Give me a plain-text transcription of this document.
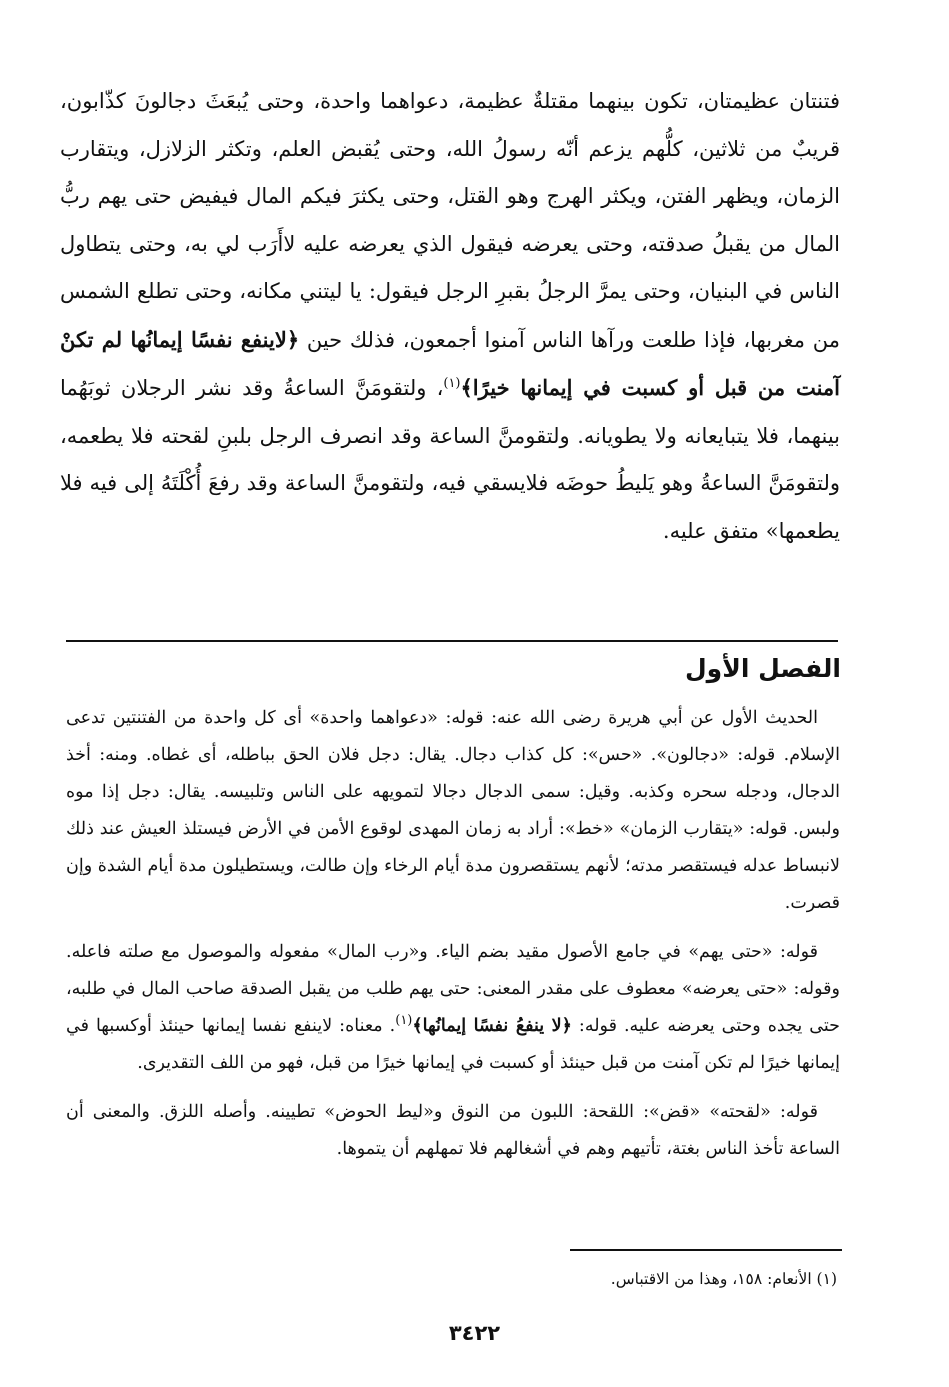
فتنتان عظيمتان، تكون بينهما مقتلةٌ عظيمة، دعواهما واحدة، وحتى يُبعَثَ دجالونَ كذّابون، قريبٌ من ثلاثين، كلُّهم يزعم أنّه رسولُ الله، وحتى يُقبض العلم، وتكثر الزلازل، ويتقارب الزمان، ويظهر الفتن، ويكثر الهرج وهو القتل، وحتى يكثرَ فيكم المال فيفيض حتى يهم ربُّ المال من يقبلُ صدقته، وحتى يعرضه فيقول الذي يعرضه عليه لاأَرَب لي به، وحتى يتطاول الناس في البنيان، وحتى يمرَّ الرجلُ بقبرِ الرجل فيقول: يا ليتني مكانه، وحتى تطلع الشمس من مغربها، فإذا طلعت ورآها الناس آمنوا أجمعون، فذلك حين ﴿لاينفع نفسًا إيمانُها لم تكنْ آمنت من قبل أو كسبت في إيمانها خيرًا﴾$^{(١)}$، ولتقومَنَّ الساعةُ وقد نشر الرجلان ثوبَهُما بينهما، فلا يتبايعانه ولا يطويانه. ولتقومنَّ الساعة وقد انصرف الرجل بلبنِ لقحته فلا يطعمه، ولتقومَنَّ الساعةُ وهو يَليطُ حوضَه فلايسقي فيه، ولتقومنَّ الساعة وقد رفعَ أُكْلَتَهُ إلى فيه فلا يطعمها» متفق عليه.

الفصل الأول

الحديث الأول عن أبي هريرة رضى الله عنه: قوله: «دعواهما واحدة» أى كل واحدة من الفتنتين تدعى الإسلام. قوله: «دجالون». «حس»: كل كذاب دجال. يقال: دجل فلان الحق بباطله، أى غطاه. ومنه: أخذ الدجال، ودجله سحره وكذبه. وقيل: سمى الدجال دجالا لتمويهه على الناس وتلبيسه. يقال: دجل إذا موه ولبس. قوله: «يتقارب الزمان» «خط»: أراد به زمان المهدى لوقوع الأمن في الأرض فيستلذ العيش عند ذلك لانبساط عدله فيستقصر مدته؛ لأنهم يستقصرون مدة أيام الرخاء وإن طالت، ويستطيلون مدة أيام الشدة وإن قصرت.

قوله: «حتى يهم» في جامع الأصول مقيد بضم الياء. و«رب المال» مفعوله والموصول مع صلته فاعله. وقوله: «حتى يعرضه» معطوف على مقدر المعنى: حتى يهم طلب من يقبل الصدقة صاحب المال في طلبه، حتى يجده وحتى يعرضه عليه. قوله: ﴿لا ينفعُ نفسًا إيمانُها﴾$^{(١)}$. معناه: لاينفع نفسا إيمانها حينئذ أوكسبها في إيمانها خيرًا لم تكن آمنت من قبل حينئذ أو كسبت في إيمانها خيرًا من قبل، فهو من اللف التقديرى.

قوله: «لقحته» «قض»: اللقحة: اللبون من النوق و«ليط الحوض» تطيينه. وأصله اللزق. والمعنى أن الساعة تأخذ الناس بغتة، تأتيهم وهم في أشغالهم فلا تمهلهم أن يتموها.

(١) الأنعام: ١٥٨، وهذا من الاقتباس.
٣٤٢٢
